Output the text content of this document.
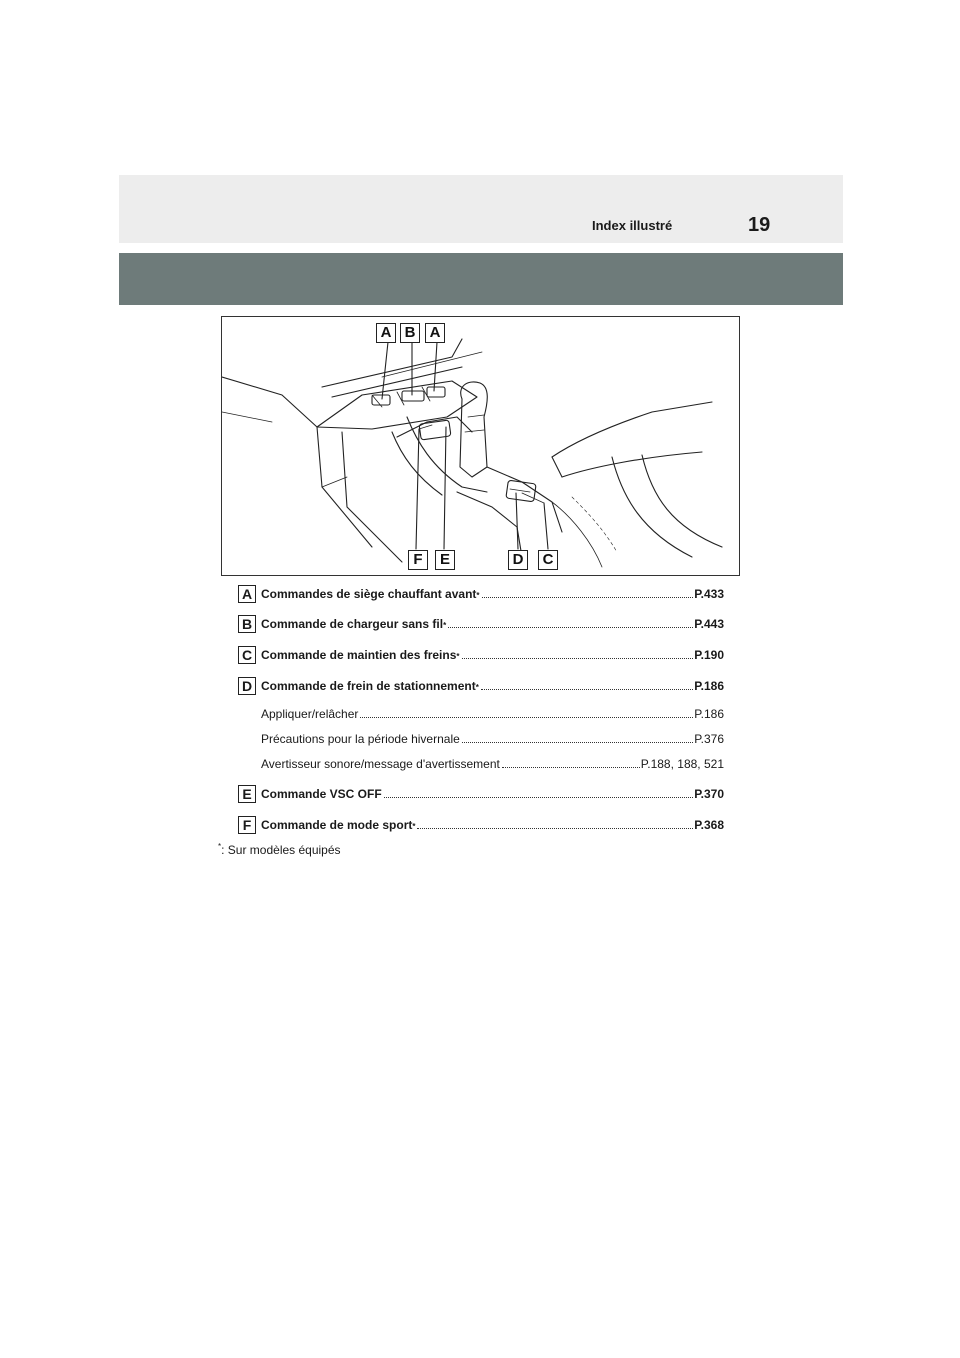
Index illustré	19
A B A
F	E	D	C
A Commandes de siège chauffant avant *	P.433
B Commande de chargeur sans fil *	P.443
C Commande de maintien des freins *	P.190
D Commande de frein de stationnement *	P.186
Appliquer/relâcher	P.186
Précautions pour la période hivernale	P.376
Avertisseur sonore/message d'avertissement	P.188, 188, 521
E Commande VSC OFF	P.370
F Commande de mode sport *	P.368
*: Sur modèles équipés
